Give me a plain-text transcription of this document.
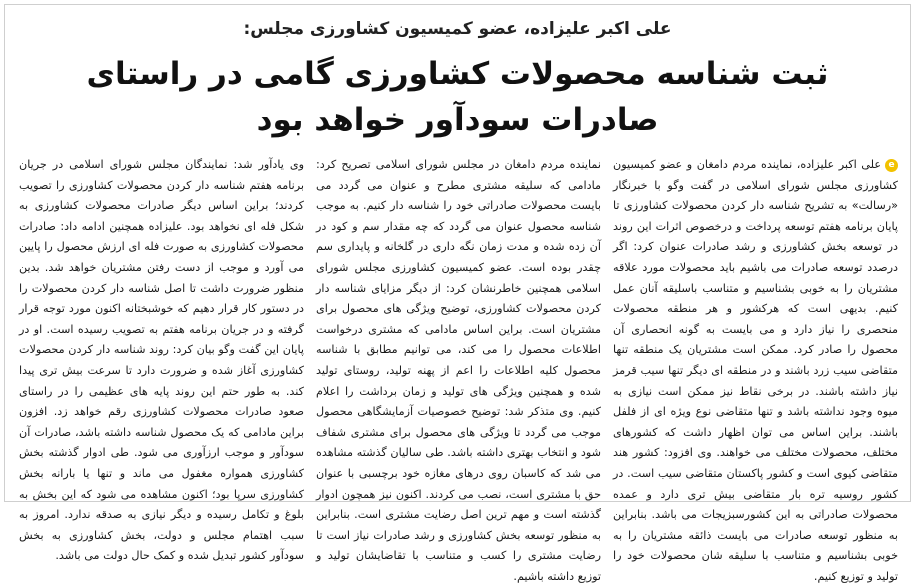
علی اکبر علیزاده، عضو کمیسیون کشاورزی مجلس:
ثبت شناسه محصولات کشاورزی گامی در راستای
صادرات سودآور خواهد بود

eعلی اکبر علیزاده، نماینده مردم دامغان و عضو کمیسیون کشاورزی مجلس شورای اسلامی در گفت وگو با خبرنگار «رسالت» به تشریح شناسه دار کردن محصولات کشاورزی تا پایان برنامه هفتم توسعه پرداخت و درخصوص اثرات این روند در توسعه بخش کشاورزی و رشد صادرات عنوان کرد: اگر درصدد توسعه صادرات می باشیم باید محصولات مورد علاقه مشتریان را به خوبی بشناسیم و متناسب باسلیقه آنان عمل کنیم. بدیهی است که هرکشور و هر منطقه محصولات منحصری را نیاز دارد و می بایست به گونه انحصاری آن محصول را صادر کرد. ممکن است مشتریان یک منطقه تنها متقاضی سیب زرد باشند و در منطقه ای دیگر تنها سیب قرمز نیاز داشته باشند. در برخی نقاط نیز ممکن است نیازی به میوه وجود نداشته باشد و تنها متقاضی نوع ویژه ای از فلفل باشند. براین اساس می توان اظهار داشت که کشورهای مختلف، محصولات مختلف می خواهند. وی افزود: کشور هند متقاضی کیوی است و کشور پاکستان متقاضی سیب است. در کشور روسیه تره بار متقاضی بیش تری دارد و عمده محصولات صادراتی به این کشورسبزیجات می باشد. بنابراین به منظور توسعه صادرات می بایست ذائقه مشتریان را به خوبی بشناسیم و متناسب با سلیقه شان محصولات خود را تولید و توزیع کنیم.

نماینده مردم دامغان در مجلس شورای اسلامی تصریح کرد: مادامی که سلیقه مشتری مطرح و عنوان می گردد می بایست محصولات صادراتی خود را شناسه دار کنیم. به موجب شناسه محصول عنوان می گردد که چه مقدار سم و کود در آن زده شده و مدت زمان نگه داری در گلخانه و پایداری سم چقدر بوده است. عضو کمیسیون کشاورزی مجلس شورای اسلامی همچنین خاطرنشان کرد: از دیگر مزایای شناسه دار کردن محصولات کشاورزی، توضیح ویژگی های محصول برای مشتریان است. براین اساس مادامی که مشتری درخواست اطلاعات محصول را می کند، می توانیم مطابق با شناسه محصول کلیه اطلاعات را اعم از پهنه تولید، روستای تولید شده و همچنین ویژگی های تولید و زمان برداشت را اعلام کنیم. وی متذکر شد: توضیح خصوصیات آزمایشگاهی محصول موجب می گردد تا ویژگی های محصول برای مشتری شفاف شود و انتخاب بهتری داشته باشد. طی سالیان گذشته مشاهده می شد که کاسبان روی درهای مغازه خود برچسبی با عنوان حق با مشتری است، نصب می کردند. اکنون نیز همچون ادوار گذشته است و مهم ترین اصل رضایت مشتری است. بنابراین به منظور توسعه بخش کشاورزی و رشد صادرات نیاز است تا رضایت مشتری را کسب و متناسب با تقاضایشان تولید و توزیع داشته باشیم.

وی یادآور شد: نمایندگان مجلس شورای اسلامی در جریان برنامه هفتم شناسه دار کردن محصولات کشاورزی را تصویب کردند؛ براین اساس دیگر صادرات محصولات کشاورزی به شکل فله ای نخواهد بود. علیزاده همچنین ادامه داد: صادرات محصولات کشاورزی به صورت فله ای ارزش محصول را پایین می آورد و موجب از دست رفتن مشتریان خواهد شد. بدین منظور ضرورت داشت تا اصل شناسه دار کردن محصولات را در دستور کار قرار دهیم که خوشبختانه اکنون مورد توجه قرار گرفته و در جریان برنامه هفتم به تصویب رسیده است. او در پایان این گفت وگو بیان کرد: روند شناسه دار کردن محصولات کشاورزی آغاز شده و ضرورت دارد تا سرعت بیش تری پیدا کند. به طور حتم این روند پایه های عظیمی را در راستای صعود صادرات محصولات کشاورزی رقم خواهد زد. افزون براین مادامی که یک محصول شناسه داشته باشد، صادرات آن سودآور و موجب ارزآوری می شود. طی ادوار گذشته بخش کشاورزی همواره مغفول می ماند و تنها یا بارانه بخش کشاورزی سرپا بود؛ اکنون مشاهده می شود که این بخش به بلوغ و تکامل رسیده و دیگر نیازی به صدقه ندارد. امروز به سبب اهتمام مجلس و دولت، بخش کشاورزی به بخش سودآور کشور تبدیل شده و کمک حال دولت می باشد.
